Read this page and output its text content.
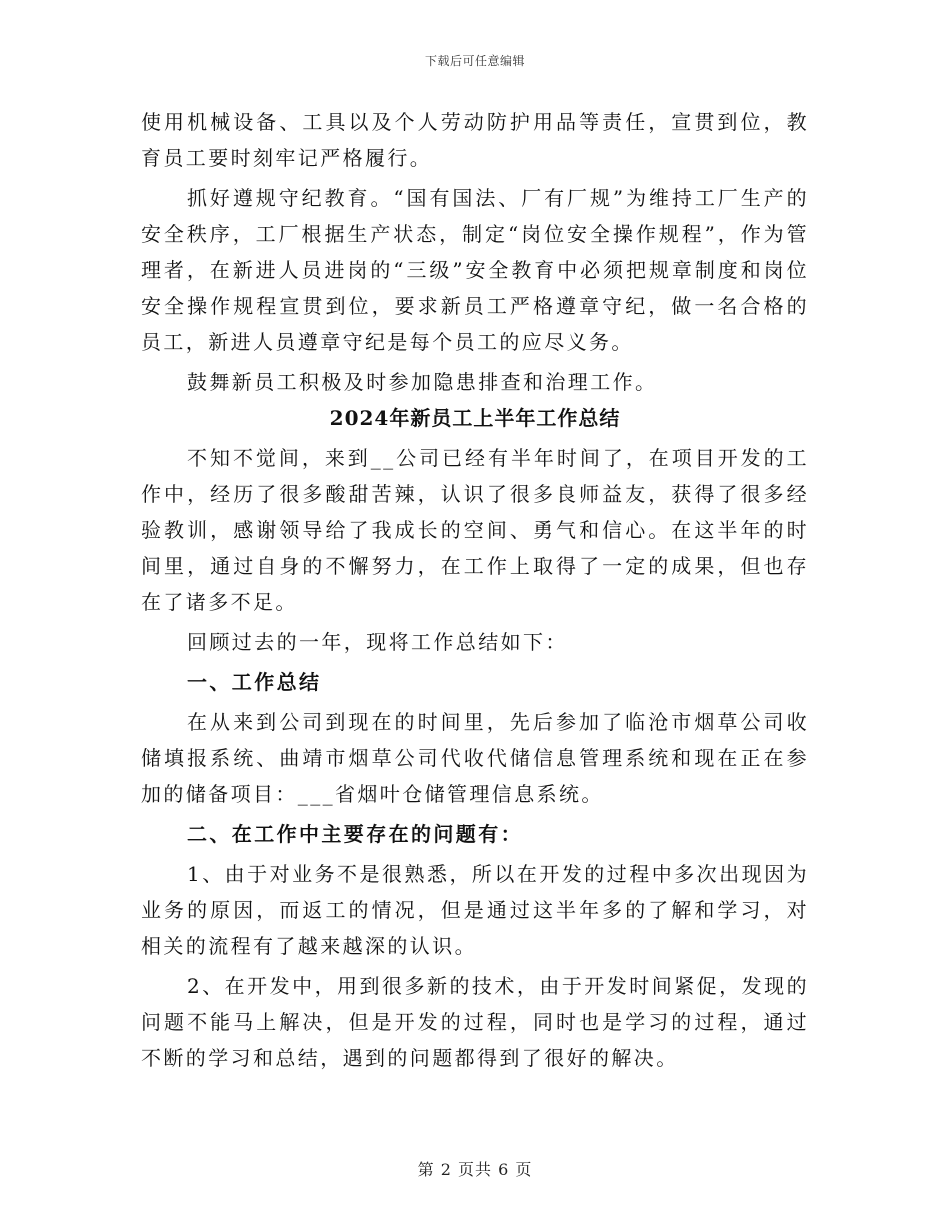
下载后可任意编辑

使用机械设备、工具以及个人劳动防护用品等责任，宣贯到位，教育员工要时刻牢记严格履行。

抓好遵规守纪教育。“国有国法、厂有厂规”为维持工厂生产的安全秩序，工厂根据生产状态，制定“岗位安全操作规程”，作为管理者，在新进人员进岗的“三级”安全教育中必须把规章制度和岗位安全操作规程宣贯到位，要求新员工严格遵章守纪，做一名合格的员工，新进人员遵章守纪是每个员工的应尽义务。

鼓舞新员工积极及时参加隐患排查和治理工作。

2024年新员工上半年工作总结

不知不觉间，来到__公司已经有半年时间了，在项目开发的工作中，经历了很多酸甜苦辣，认识了很多良师益友，获得了很多经验教训，感谢领导给了我成长的空间、勇气和信心。在这半年的时间里，通过自身的不懈努力，在工作上取得了一定的成果，但也存在了诸多不足。

回顾过去的一年，现将工作总结如下：

一、工作总结

在从来到公司到现在的时间里，先后参加了临沧市烟草公司收储填报系统、曲靖市烟草公司代收代储信息管理系统和现在正在参加的储备项目：___省烟叶仓储管理信息系统。

二、在工作中主要存在的问题有：

1、由于对业务不是很熟悉，所以在开发的过程中多次出现因为业务的原因，而返工的情况，但是通过这半年多的了解和学习，对相关的流程有了越来越深的认识。

2、在开发中，用到很多新的技术，由于开发时间紧促，发现的问题不能马上解决，但是开发的过程，同时也是学习的过程，通过不断的学习和总结，遇到的问题都得到了很好的解决。

第 2 页共 6 页
